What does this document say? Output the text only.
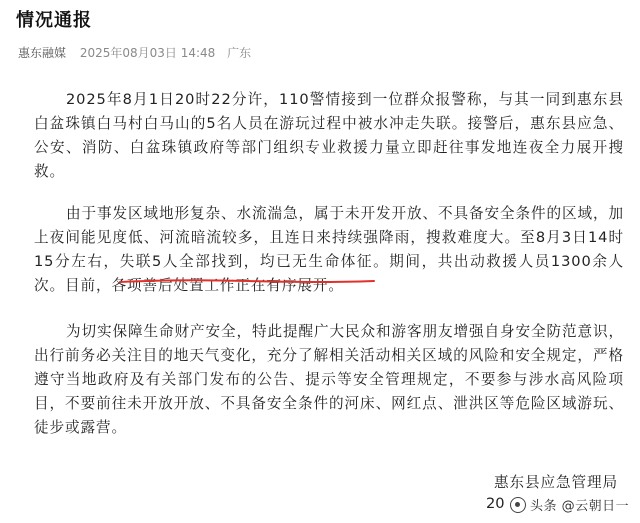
情况通报
惠东融媒 2025年08月03日 14:48 广东
2025年8月1日20时22分许，110警情接到一位群众报警称，与其一同到惠东县白盆珠镇白马村白马山的5名人员在游玩过程中被水冲走失联。接警后，惠东县应急、公安、消防、白盆珠镇政府等部门组织专业救援力量立即赶往事发地连夜全力展开搜救。
由于事发区域地形复杂、水流湍急，属于未开发开放、不具备安全条件的区域，加上夜间能见度低、河流暗流较多，且连日来持续强降雨，搜救难度大。至8月3日14时15分左右，失联5人全部找到，均已无生命体征。期间，共出动救援人员1300余人次。目前，各项善后处置工作正在有序展开。
为切实保障生命财产安全，特此提醒广大民众和游客朋友增强自身安全防范意识，出行前务必关注目的地天气变化，充分了解相关活动相关区域的风险和安全规定，严格遵守当地政府及有关部门发布的公告、提示等安全管理规定，不要参与涉水高风险项目，不要前往未开放开放、不具备安全条件的河床、网红点、泄洪区等危险区域游玩、徒步或露营。
惠东县应急管理局
20 头条 @云朝日一
